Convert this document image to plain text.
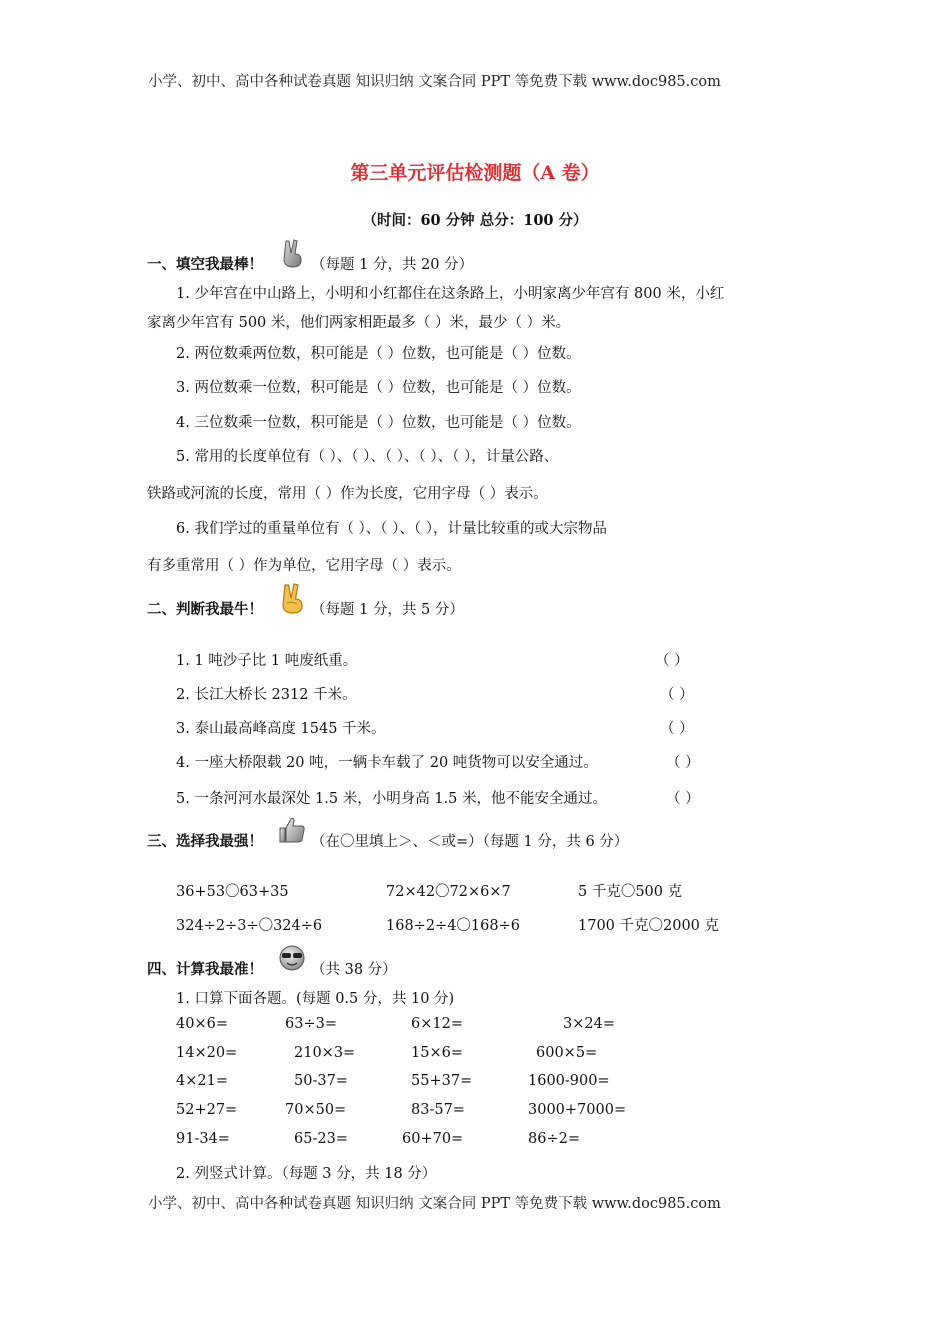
小学、初中、高中各种试卷真题 知识归纳 文案合同 PPT 等免费下载 www.doc985.com
第三单元评估检测题（A 卷）
（时间：60 分钟 总分：100 分）
一、填空我最棒！	（每题 1 分，共 20 分）
1. 少年宫在中山路上，小明和小红都住在这条路上，小明家离少年宫有 800 米，小红
家离少年宫有 500 米，他们两家相距最多（ ）米，最少（ ）米。
2. 两位数乘两位数，积可能是（ ）位数，也可能是（ ）位数。
3. 两位数乘一位数，积可能是（ ）位数，也可能是（ ）位数。
4. 三位数乘一位数，积可能是（ ）位数，也可能是（ ）位数。
5. 常用的长度单位有（ ）、（ ）、（ ）、（ ）、（ ），计量公路、
铁路或河流的长度，常用（ ）作为长度，它用字母（ ）表示。
6. 我们学过的重量单位有（ ）、（ ）、（ ），计量比较重的或大宗物品
有多重常用（ ）作为单位，它用字母（ ）表示。
二、判断我最牛！	（每题 1 分，共 5 分）
1. 1 吨沙子比 1 吨废纸重。	（ ）
2. 长江大桥长 2312 千米。	（ ）
3. 泰山最高峰高度 1545 千米。	（ ）
4. 一座大桥限载 20 吨，一辆卡车载了 20 吨货物可以安全通过。	（ ）
5. 一条河河水最深处 1.5 米，小明身高 1.5 米，他不能安全通过。	（ ）
三、选择我最强！	（在〇里填上＞、＜或=）（每题 1 分，共 6 分）
36+53〇63+35	72×42〇72×6×7	5 千克〇500 克
324÷2÷3÷〇324÷6	168÷2÷4〇168÷6	1700 千克〇2000 克
四、计算我最准！	（共 38 分）
1. 口算下面各题。(每题 0.5 分，共 10 分)
40×6=	63÷3=	6×12=	3×24=
14×20=	210×3=	15×6=	600×5=
4×21=	50-37=	55+37=	1600-900=
52+27=	70×50=	83-57=	3000+7000=
91-34=	65-23=	60+70=	86÷2=
2. 列竖式计算。（每题 3 分，共 18 分）
小学、初中、高中各种试卷真题 知识归纳 文案合同 PPT 等免费下载 www.doc985.com
